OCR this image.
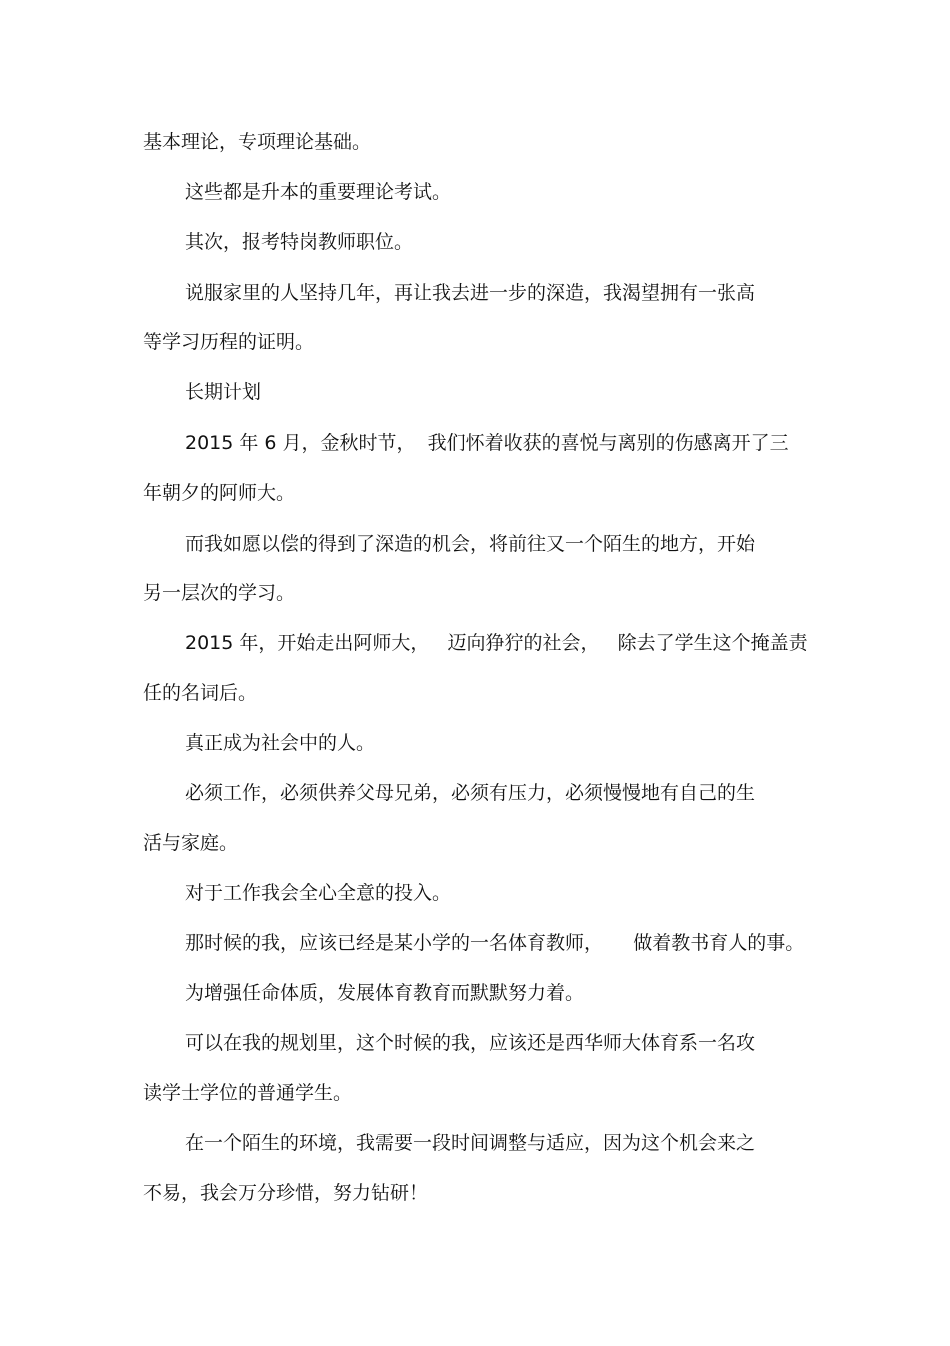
基本理论，专项理论基础。
这些都是升本的重要理论考试。
其次，报考特岗教师职位。
说服家里的人坚持几年，再让我去进一步的深造，我渴望拥有一张高
等学习历程的证明。
长期计划
2015 年 6 月，金秋时节，  我们怀着收获的喜悦与离别的伤感离开了三
年朝夕的阿师大。
而我如愿以偿的得到了深造的机会，将前往又一个陌生的地方，开始
另一层次的学习。
2015 年，开始走出阿师大，   迈向狰狞的社会，   除去了学生这个掩盖责
任的名词后。
真正成为社会中的人。
必须工作，必须供养父母兄弟，必须有压力，必须慢慢地有自己的生
活与家庭。
对于工作我会全心全意的投入。
那时候的我，应该已经是某小学的一名体育教师，     做着教书育人的事。
为增强任命体质，发展体育教育而默默努力着。
可以在我的规划里，这个时候的我，应该还是西华师大体育系一名攻
读学士学位的普通学生。
在一个陌生的环境，我需要一段时间调整与适应，因为这个机会来之
不易，我会万分珍惜，努力钻研！
